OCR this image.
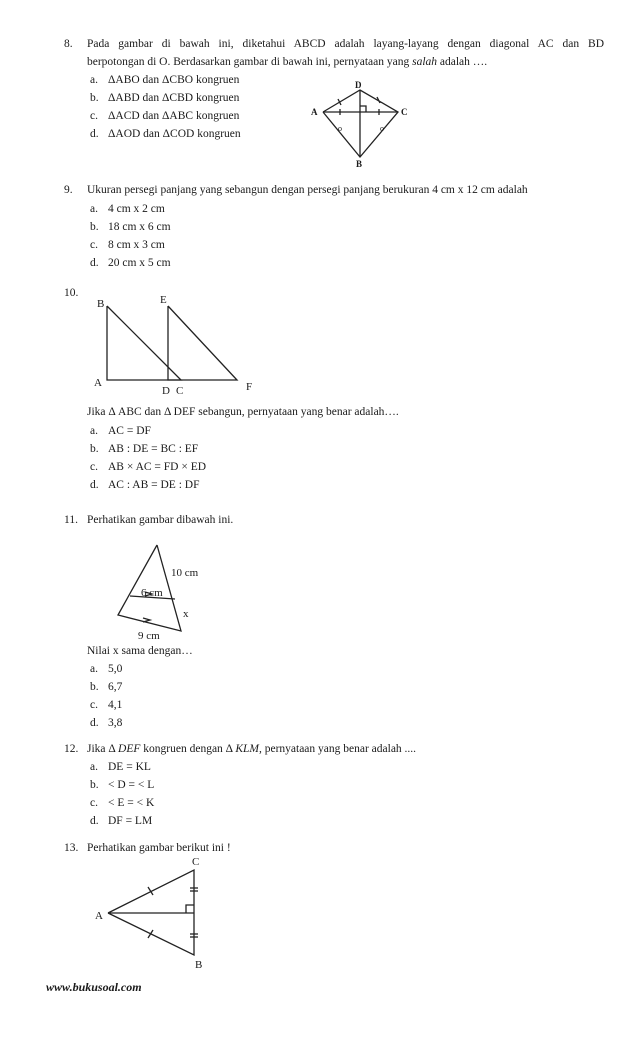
8. Pada gambar di bawah ini, diketahui ABCD adalah layang-layang dengan diagonal AC dan BD
berpotongan di O. Berdasarkan gambar di bawah ini, pernyataan yang salah adalah ….
a. ΔABO dan ΔCBO kongruen
b. ΔABD dan ΔCBD kongruen
c. ΔACD dan ΔABC kongruen
d. ΔAOD dan ΔCOD kongruen
D
A	C
B
o	o
9. Ukuran persegi panjang yang sebangun dengan persegi panjang berukuran 4 cm x 12 cm adalah
a. 4 cm x 2 cm
b. 18 cm x 6 cm
c. 8 cm x 3 cm
d. 20 cm x 5 cm
10.
B	E
A
D C	F
Jika Δ ABC dan Δ DEF sebangun, pernyataan yang benar adalah….
a. AC = DF
b. AB : DE = BC : EF
c. AB × AC = FD × ED
d. AC : AB = DE : DF
11. Perhatikan gambar dibawah ini.
10 cm
6 cm
x
9 cm
Nilai x sama dengan…
a. 5,0
b. 6,7
c. 4,1
d. 3,8
12. Jika Δ DEF kongruen dengan Δ KLM, pernyataan yang benar adalah ....
a. DE = KL
b. < D = < L
c. < E = < K
d. DF = LM
13. Perhatikan gambar berikut ini !
C
A
B
www.bukusoal.com
